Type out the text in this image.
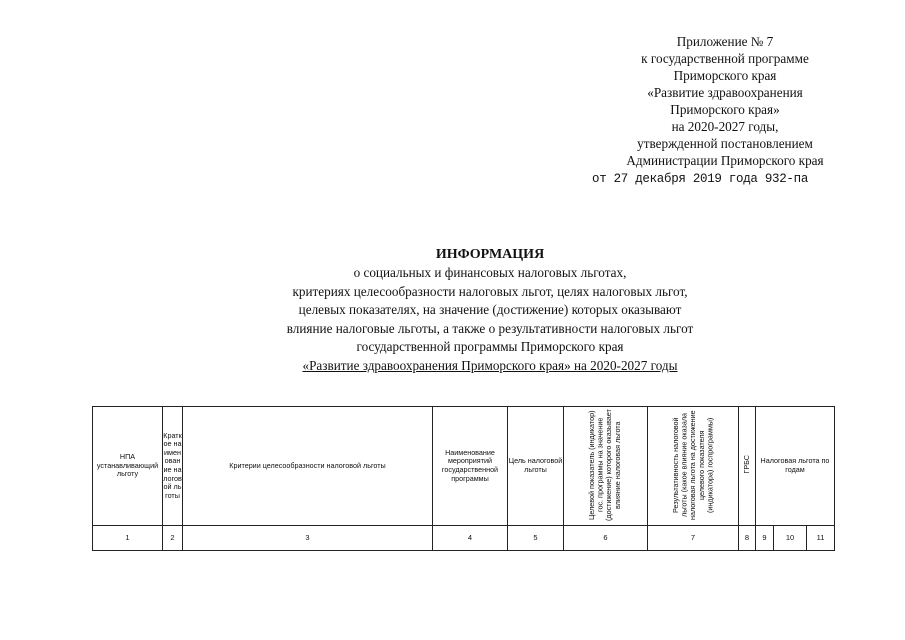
Приложение № 7
к государственной программе
Приморского края
«Развитие здравоохранения
Приморского края»
на 2020-2027 годы,
утвержденной постановлением
Администрации Приморского края
от 27 декабря 2019 года 932-па
ИНФОРМАЦИЯ
о социальных и финансовых налоговых льготах,
критериях целесообразности налоговых льгот, целях налоговых льгот,
целевых показателях, на значение (достижение) которых оказывают
влияние налоговые льготы, а также о результативности налоговых льгот
государственной программы Приморского края
«Развитие здравоохранения Приморского края» на 2020-2027 годы
НПА устанавливающий льготу	Краткое наименование налоговой льготы	Критерии целесообразности налоговой льготы	Наименование мероприятий государственной программы	Цель налоговой льготы	Целевой показатель (индикатор) гос. программы на значение (достижение) которого оказывает влияние налоговая льгота	Результативность налоговой льготы (какое влияние оказала налоговая льгота на достижение целевого показателя (индикатора) госпрограммы)	ГРБС	Налоговая льгота по годам		
1	2	3	4	5	6	7	8	9	10	11
